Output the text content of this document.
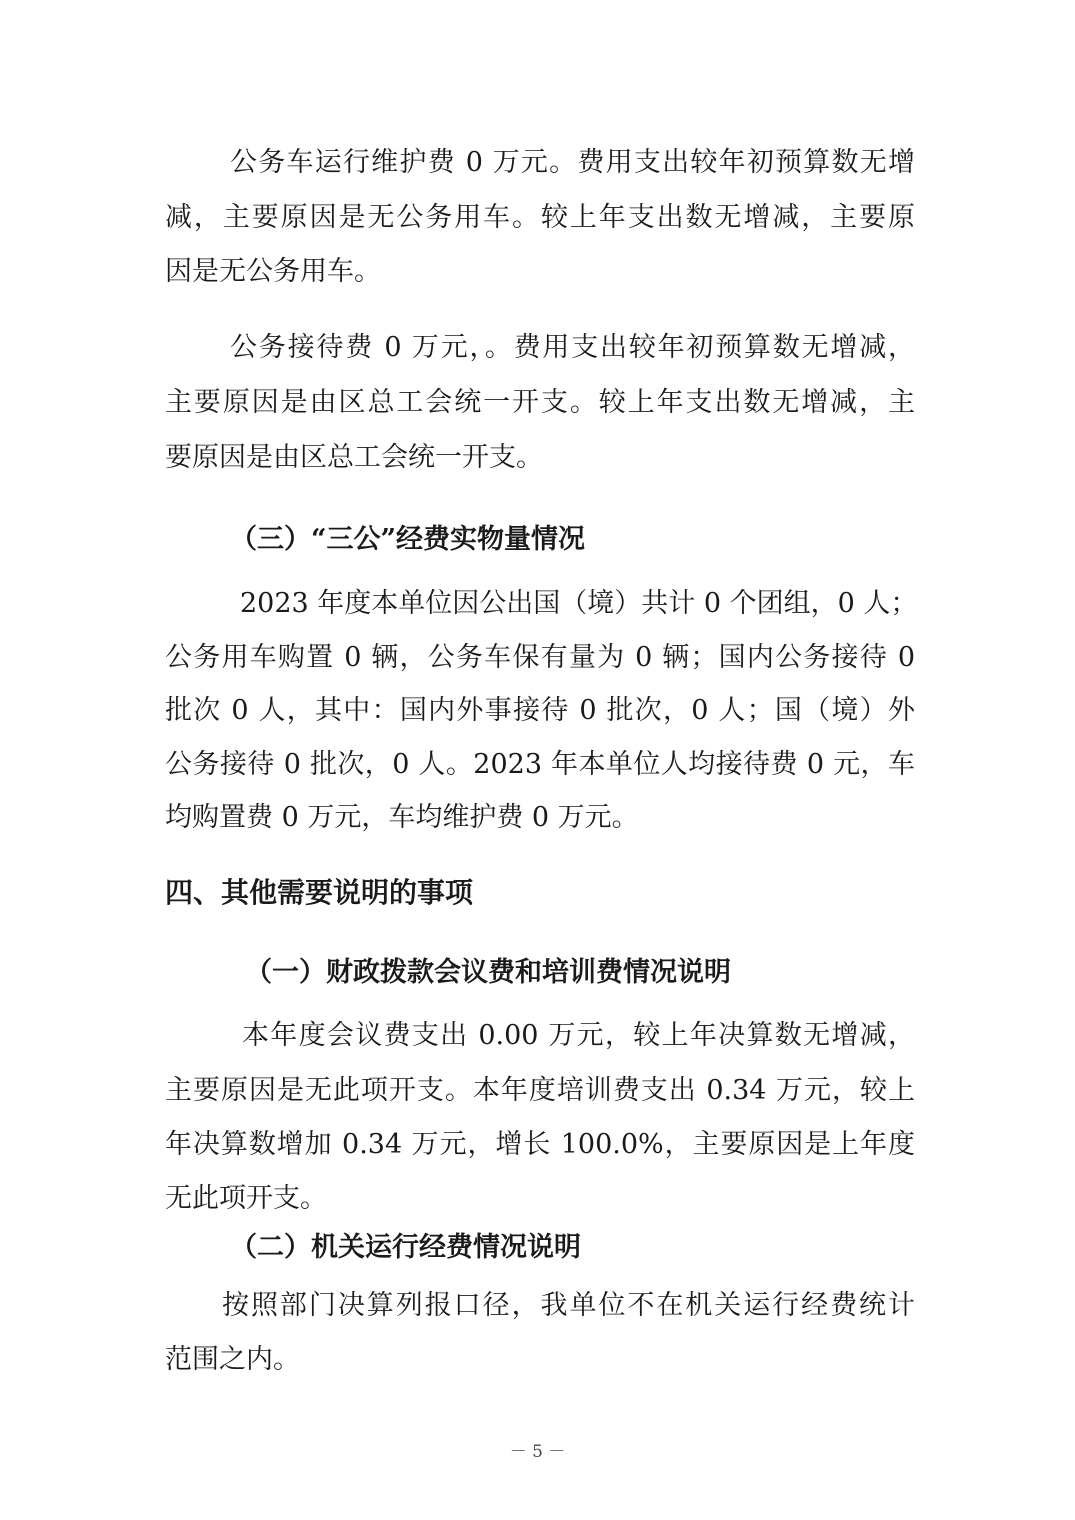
公务车运行维护费 0 万元。费用支出较年初预算数无增
减，主要原因是无公务用车。较上年支出数无增减，主要原
因是无公务用车。
公务接待费 0 万元，。费用支出较年初预算数无增减，
主要原因是由区总工会统一开支。较上年支出数无增减，主
要原因是由区总工会统一开支。
（三）“三公”经费实物量情况
2023 年度本单位因公出国（境）共计 0 个团组，0 人；
公务用车购置 0 辆，公务车保有量为 0 辆；国内公务接待 0
批次 0 人，其中：国内外事接待 0 批次，0 人；国（境）外
公务接待 0 批次，0 人。2023 年本单位人均接待费 0 元，车
均购置费 0 万元，车均维护费 0 万元。
四、其他需要说明的事项
（一）财政拨款会议费和培训费情况说明
本年度会议费支出 0.00 万元，较上年决算数无增减，
主要原因是无此项开支。本年度培训费支出 0.34 万元，较上
年决算数增加 0.34 万元，增长 100.0%，主要原因是上年度
无此项开支。
（二）机关运行经费情况说明
按照部门决算列报口径，我单位不在机关运行经费统计
范围之内。
－ 5 －
